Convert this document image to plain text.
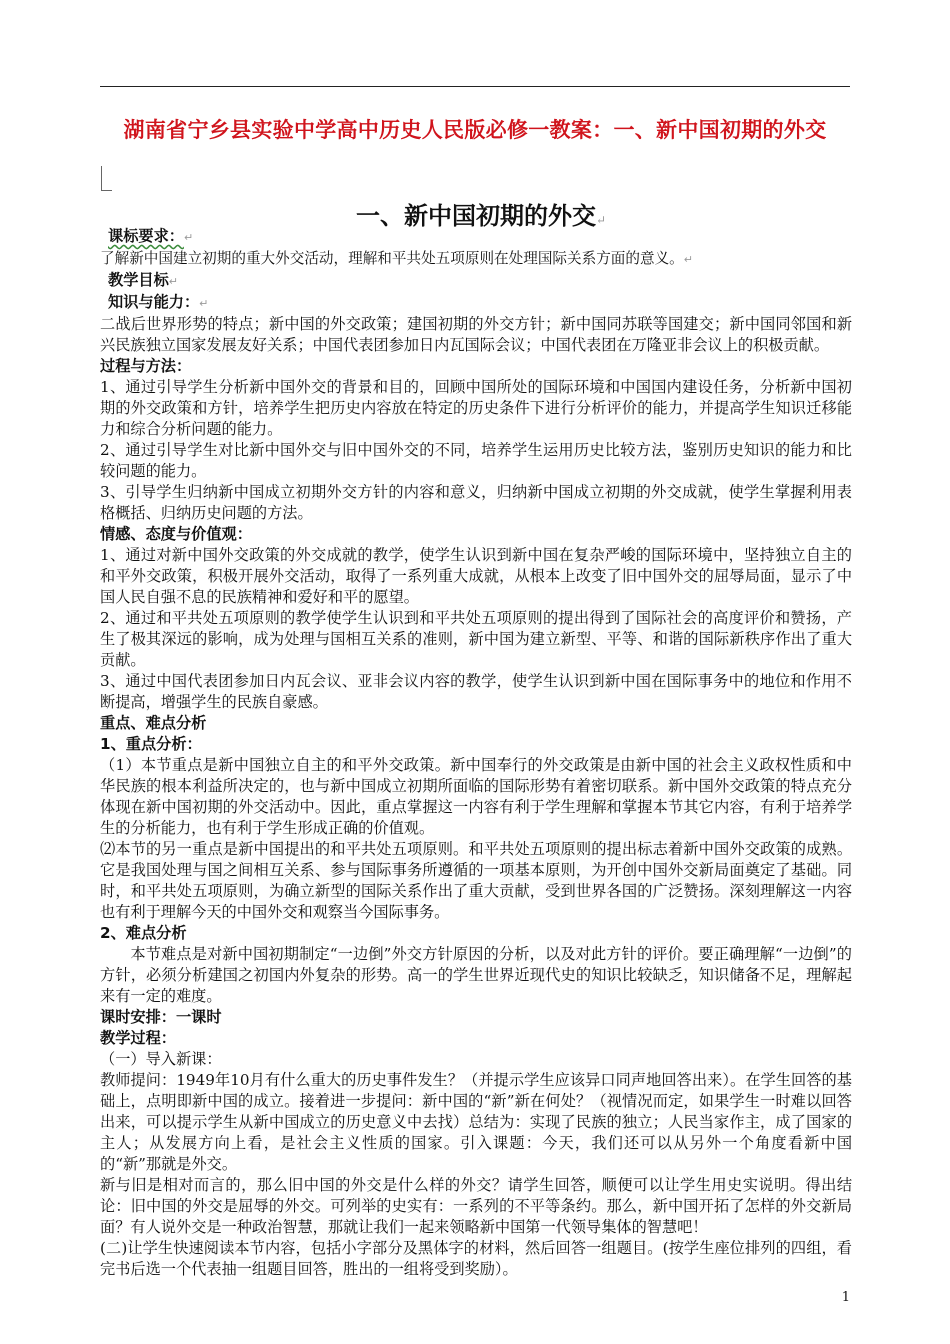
湖南省宁乡县实验中学高中历史人民版必修一教案：一、新中国初期的外交
一、新中国初期的外交↵

课标要求：↵

了解新中国建立初期的重大外交活动，理解和平共处五项原则在处理国际关系方面的意义。↵

教学目标↵

知识与能力：↵

二战后世界形势的特点；新中国的外交政策；建国初期的外交方针；新中国同苏联等国建交；新中国同邻国和新兴民族独立国家发展友好关系；中国代表团参加日内瓦国际会议；中国代表团在万隆亚非会议上的积极贡献。

过程与方法：

1、通过引导学生分析新中国外交的背景和目的，回顾中国所处的国际环境和中国国内建设任务，分析新中国初期的外交政策和方针，培养学生把历史内容放在特定的历史条件下进行分析评价的能力，并提高学生知识迁移能力和综合分析问题的能力。

2、通过引导学生对比新中国外交与旧中国外交的不同，培养学生运用历史比较方法，鉴别历史知识的能力和比较问题的能力。

3、引导学生归纳新中国成立初期外交方针的内容和意义，归纳新中国成立初期的外交成就，使学生掌握利用表格概括、归纳历史问题的方法。

情感、态度与价值观：

1、通过对新中国外交政策的外交成就的教学，使学生认识到新中国在复杂严峻的国际环境中，坚持独立自主的和平外交政策，积极开展外交活动，取得了一系列重大成就，从根本上改变了旧中国外交的屈辱局面，显示了中国人民自强不息的民族精神和爱好和平的愿望。

2、通过和平共处五项原则的教学使学生认识到和平共处五项原则的提出得到了国际社会的高度评价和赞扬，产生了极其深远的影响，成为处理与国相互关系的准则，新中国为建立新型、平等、和谐的国际新秩序作出了重大贡献。

3、通过中国代表团参加日内瓦会议、亚非会议内容的教学，使学生认识到新中国在国际事务中的地位和作用不断提高，增强学生的民族自豪感。

重点、难点分析

1、重点分析：

（1）本节重点是新中国独立自主的和平外交政策。新中国奉行的外交政策是由新中国的社会主义政权性质和中华民族的根本利益所决定的，也与新中国成立初期所面临的国际形势有着密切联系。新中国外交政策的特点充分体现在新中国初期的外交活动中。因此，重点掌握这一内容有利于学生理解和掌握本节其它内容，有利于培养学生的分析能力，也有利于学生形成正确的价值观。

⑵本节的另一重点是新中国提出的和平共处五项原则。和平共处五项原则的提出标志着新中国外交政策的成熟。它是我国处理与国之间相互关系、参与国际事务所遵循的一项基本原则，为开创中国外交新局面奠定了基础。同时，和平共处五项原则，为确立新型的国际关系作出了重大贡献，受到世界各国的广泛赞扬。深刻理解这一内容也有利于理解今天的中国外交和观察当今国际事务。

2、难点分析

本节难点是对新中国初期制定“一边倒”外交方针原因的分析，以及对此方针的评价。要正确理解“一边倒”的方针，必须分析建国之初国内外复杂的形势。高一的学生世界近现代史的知识比较缺乏，知识储备不足，理解起来有一定的难度。

课时安排：一课时

教学过程：

（一）导入新课：

教师提问：1949年10月有什么重大的历史事件发生？（并提示学生应该异口同声地回答出来）。在学生回答的基础上，点明即新中国的成立。接着进一步提问：新中国的“新”新在何处？（视情况而定，如果学生一时难以回答出来，可以提示学生从新中国成立的历史意义中去找）总结为：实现了民族的独立；人民当家作主，成了国家的主人；从发展方向上看，是社会主义性质的国家。引入课题：今天，我们还可以从另外一个角度看新中国的“新”那就是外交。

新与旧是相对而言的，那么旧中国的外交是什么样的外交？请学生回答，顺便可以让学生用史实说明。得出结论：旧中国的外交是屈辱的外交。可列举的史实有：一系列的不平等条约。那么，新中国开拓了怎样的外交新局面？有人说外交是一种政治智慧，那就让我们一起来领略新中国第一代领导集体的智慧吧！

(二)让学生快速阅读本节内容，包括小字部分及黑体字的材料，然后回答一组题目。(按学生座位排列的四组，看完书后选一个代表抽一组题目回答，胜出的一组将受到奖励）。

1
